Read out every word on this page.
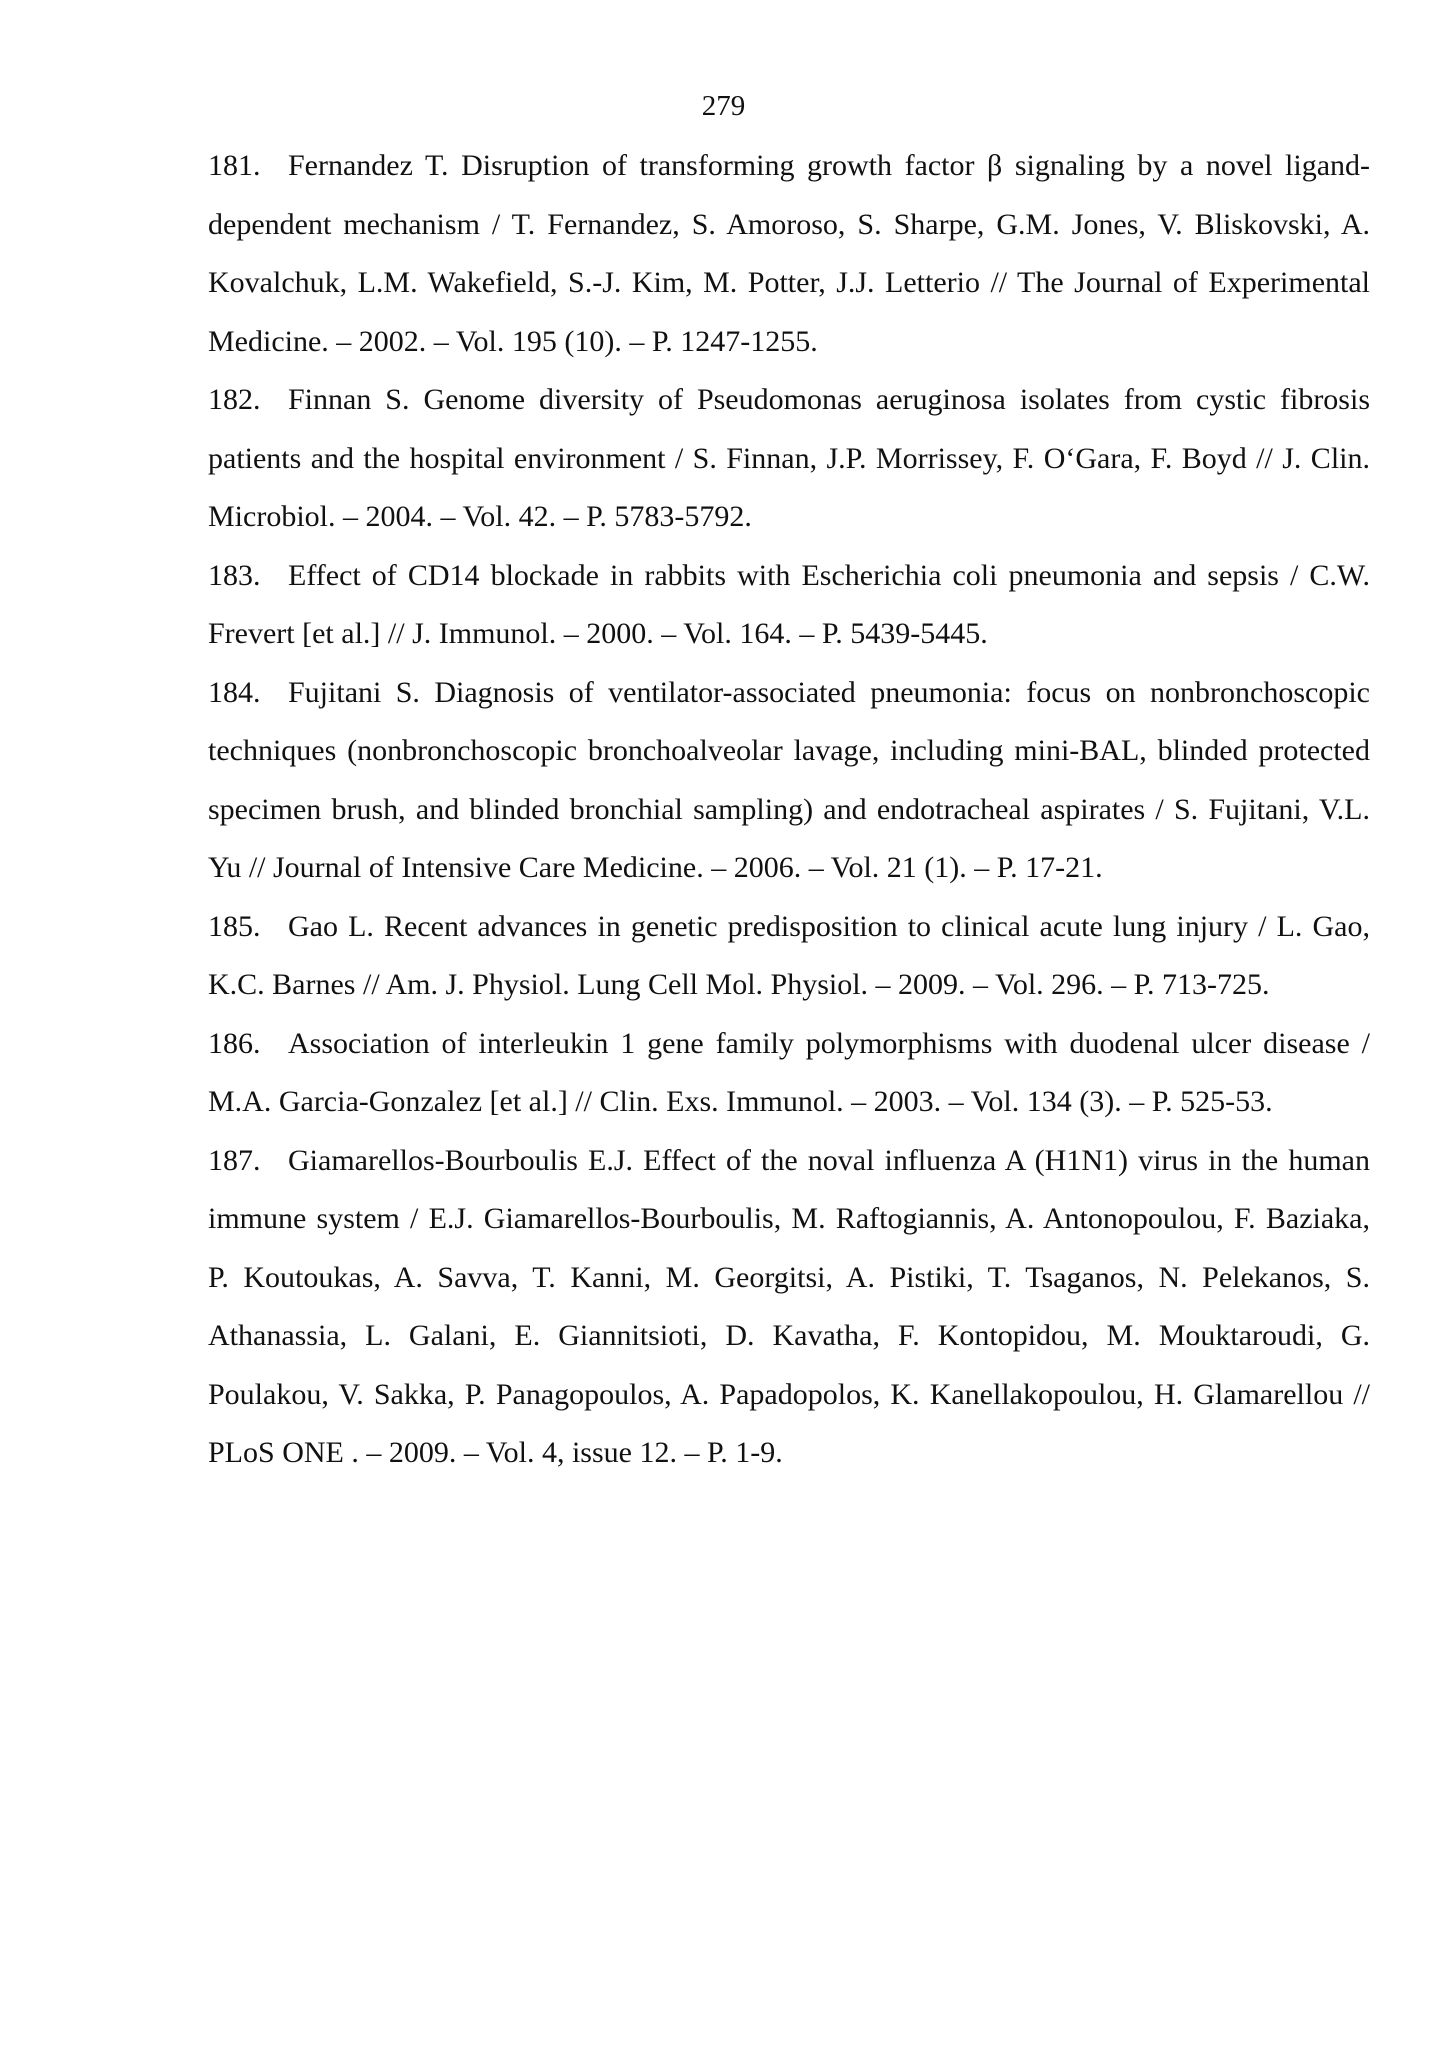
279

181. Fernandez T. Disruption of transforming growth factor β signaling by a novel ligand-dependent mechanism / T. Fernandez, S. Amoroso, S. Sharpe, G.M. Jones, V. Bliskovski, A. Kovalchuk, L.M. Wakefield, S.-J. Kim, M. Potter, J.J. Letterio // The Journal of Experimental Medicine. – 2002. – Vol. 195 (10). – P. 1247-1255.

182. Finnan S. Genome diversity of Pseudomonas aeruginosa isolates from cystic fibrosis patients and the hospital environment / S. Finnan, J.P. Morrissey, F. O‘Gara, F. Boyd // J. Clin. Microbiol. – 2004. – Vol. 42. – P. 5783-5792.

183. Effect of CD14 blockade in rabbits with Escherichia coli pneumonia and sepsis / C.W. Frevert [et al.] // J. Immunol. – 2000. – Vol. 164. – P. 5439-5445.

184. Fujitani S. Diagnosis of ventilator-associated pneumonia: focus on nonbronchoscopic techniques (nonbronchoscopic bronchoalveolar lavage, including mini-BAL, blinded protected specimen brush, and blinded bronchial sampling) and endotracheal aspirates / S. Fujitani, V.L. Yu // Journal of Intensive Care Medicine. – 2006. – Vol. 21 (1). – P. 17-21.

185. Gao L. Recent advances in genetic predisposition to clinical acute lung injury / L. Gao, K.C. Barnes // Am. J. Physiol. Lung Cell Mol. Physiol. – 2009. – Vol. 296. – P. 713-725.

186. Association of interleukin 1 gene family polymorphisms with duodenal ulcer disease / M.A. Garcia-Gonzalez [et al.] // Clin. Exs. Immunol. – 2003. – Vol. 134 (3). – P. 525-53.

187. Giamarellos-Bourboulis E.J. Effect of the noval influenza A (H1N1) virus in the human immune system / E.J. Giamarellos-Bourboulis, M. Raftogiannis, A. Antonopoulou, F. Baziaka, P. Koutoukas, A. Savva, T. Kanni, M. Georgitsi, A. Pistiki, T. Tsaganos, N. Pelekanos, S. Athanassia, L. Galani, E. Giannitsioti, D. Kavatha, F. Kontopidou, M. Mouktaroudi, G. Poulakou, V. Sakka, P. Panagopoulos, A. Papadopolos, K. Kanellakopoulou, H. Glamarellou // PLoS ONE . – 2009. – Vol. 4, issue 12. – P. 1-9.
